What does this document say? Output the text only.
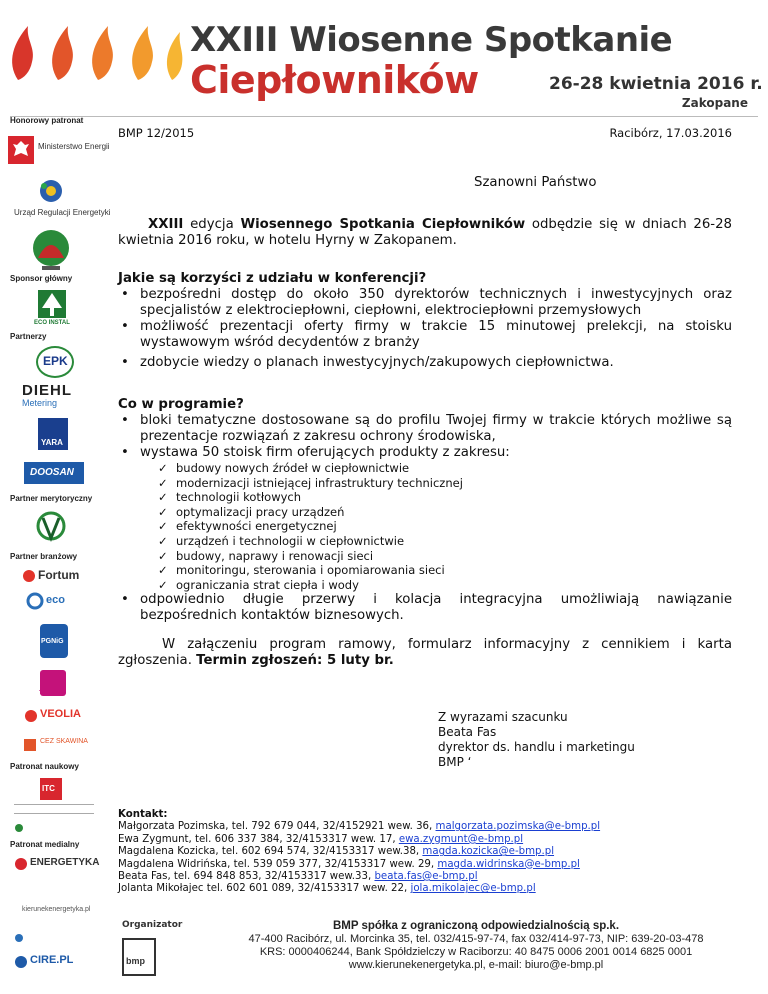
XXIII Wiosenne Spotkanie
Ciepłowników	26-28 kwietnia 2016 r.
Zakopane
Honorowy patronat
Ministerstwo Energii
Urząd Regulacji Energetyki
Sponsor główny
ECO INSTAL
Partnerzy
EPK
DIEHL
Metering
YARA
DOOSAN
Partner merytoryczny
Partner branżowy
Fortum
eco
PGNiG
TAURON
VEOLIA
CEZ SKAWINA
Patronat naukowy
ITC
Patronat medialny
ENERGETYKA
kierunekenergetyka.pl
CIRE.PL
BMP 12/2015	Racibórz, 17.03.2016
Szanowni Państwo

XXIII edycja Wiosennego Spotkania Ciepłowników odbędzie się w dniach 26-28 kwietnia 2016 roku, w hotelu Hyrny w Zakopanem.

Jakie są korzyści z udziału w konferencji?
• bezpośredni dostęp do około 350 dyrektorów technicznych i inwestycyjnych oraz specjalistów z elektrociepłowni, ciepłowni, elektrociepłowni przemysłowych
• możliwość prezentacji oferty firmy w trakcie 15 minutowej prelekcji, na stoisku wystawowym wśród decydentów z branży
• zdobycie wiedzy o planach inwestycyjnych/zakupowych ciepłownictwa.
Co w programie?
• bloki tematyczne dostosowane są do profilu Twojej firmy w trakcie których możliwe są prezentacje rozwiązań z zakresu ochrony środowiska,
• wystawa 50 stoisk firm oferujących produkty z zakresu:
✓ budowy nowych źródeł w ciepłownictwie
✓ modernizacji istniejącej infrastruktury technicznej
✓ technologii kotłowych
✓ optymalizacji pracy urządzeń
✓ efektywności energetycznej
✓ urządzeń i technologii w ciepłownictwie
✓ budowy, naprawy i renowacji sieci
✓ monitoringu, sterowania i opomiarowania sieci
✓ ograniczania strat ciepła i wody
• odpowiednio długie przerwy i kolacja integracyjna umożliwiają nawiązanie bezpośrednich kontaktów biznesowych.

W załączeniu program ramowy, formularz informacyjny z cennikiem i karta zgłoszenia. Termin zgłoszeń: 5 luty br.

Z wyrazami szacunku
Beata Fas
dyrektor ds. handlu i marketingu
BMP ‘
Kontakt:
Małgorzata Pozimska, tel. 792 679 044, 32/4152921 wew. 36, malgorzata.pozimska@e-bmp.pl
Ewa Zygmunt, tel. 606 337 384, 32/4153317 wew. 17, ewa.zygmunt@e-bmp.pl
Magdalena Kozicka, tel. 602 694 574, 32/4153317 wew.38, magda.kozicka@e-bmp.pl
Magdalena Widrińska, tel. 539 059 377, 32/4153317 wew. 29, magda.widrinska@e-bmp.pl
Beata Fas, tel. 694 848 853, 32/4153317 wew.33, beata.fas@e-bmp.pl
Jolanta Mikołajec tel. 602 601 089, 32/4153317 wew. 22, jola.mikolajec@e-bmp.pl
Organizator
bmp
BMP spółka z ograniczoną odpowiedzialnością sp.k.
47-400 Racibórz, ul. Morcinka 35, tel. 032/415-97-74, fax 032/414-97-73, NIP: 639-20-03-478
KRS: 0000406244, Bank Spółdzielczy w Raciborzu: 40 8475 0006 2001 0014 6825 0001
www.kierunekenergetyka.pl, e-mail: biuro@e-bmp.pl
